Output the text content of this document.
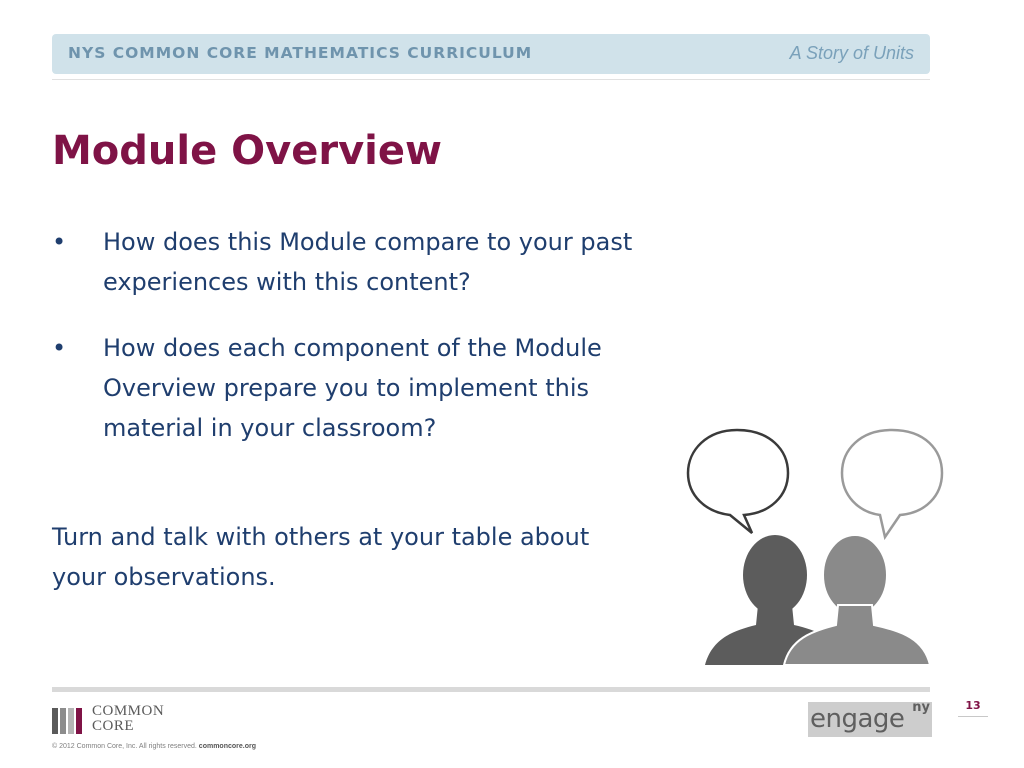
NYS COMMON CORE MATHEMATICS CURRICULUM	A Story of Units
Module Overview
• How does this Module compare to your past experiences with this content?
• How does each component of the Module Overview prepare you to implement this material in your classroom?
Turn and talk with others at your table about your observations.
COMMON
CORE
© 2012 Common Core, Inc. All rights reserved. commoncore.org
engage ny	13
